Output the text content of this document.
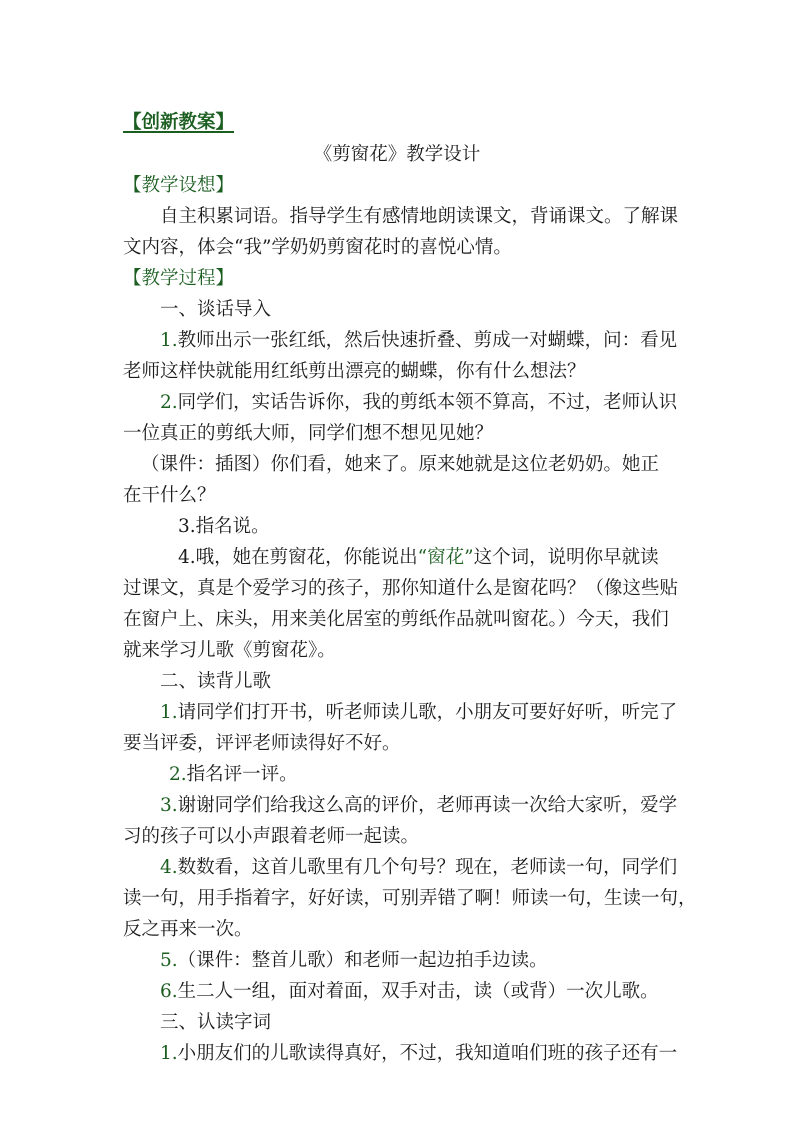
【创新教案】
《剪窗花》教学设计
【教学设想】
自主积累词语。指导学生有感情地朗读课文，背诵课文。了解课
文内容，体会“我”学奶奶剪窗花时的喜悦心情。
【教学过程】
一、谈话导入
1.教师出示一张红纸，然后快速折叠、剪成一对蝴蝶，问：看见
老师这样快就能用红纸剪出漂亮的蝴蝶，你有什么想法？
2.同学们，实话告诉你，我的剪纸本领不算高，不过，老师认识
一位真正的剪纸大师，同学们想不想见见她？
（课件：插图）你们看，她来了。原来她就是这位老奶奶。她正
在干什么？
3.指名说。
4.哦，她在剪窗花，你能说出“窗花”这个词，说明你早就读
过课文，真是个爱学习的孩子，那你知道什么是窗花吗？（像这些贴
在窗户上、床头，用来美化居室的剪纸作品就叫窗花。）今天，我们
就来学习儿歌《剪窗花》。
二、读背儿歌
1.请同学们打开书，听老师读儿歌，小朋友可要好好听，听完了
要当评委，评评老师读得好不好。
2.指名评一评。
3.谢谢同学们给我这么高的评价，老师再读一次给大家听，爱学
习的孩子可以小声跟着老师一起读。
4.数数看，这首儿歌里有几个句号？现在，老师读一句，同学们
读一句，用手指着字，好好读，可别弄错了啊！师读一句，生读一句，
反之再来一次。
5.（课件：整首儿歌）和老师一起边拍手边读。
6.生二人一组，面对着面，双手对击，读（或背）一次儿歌。
三、认读字词
1.小朋友们的儿歌读得真好，不过，我知道咱们班的孩子还有一
